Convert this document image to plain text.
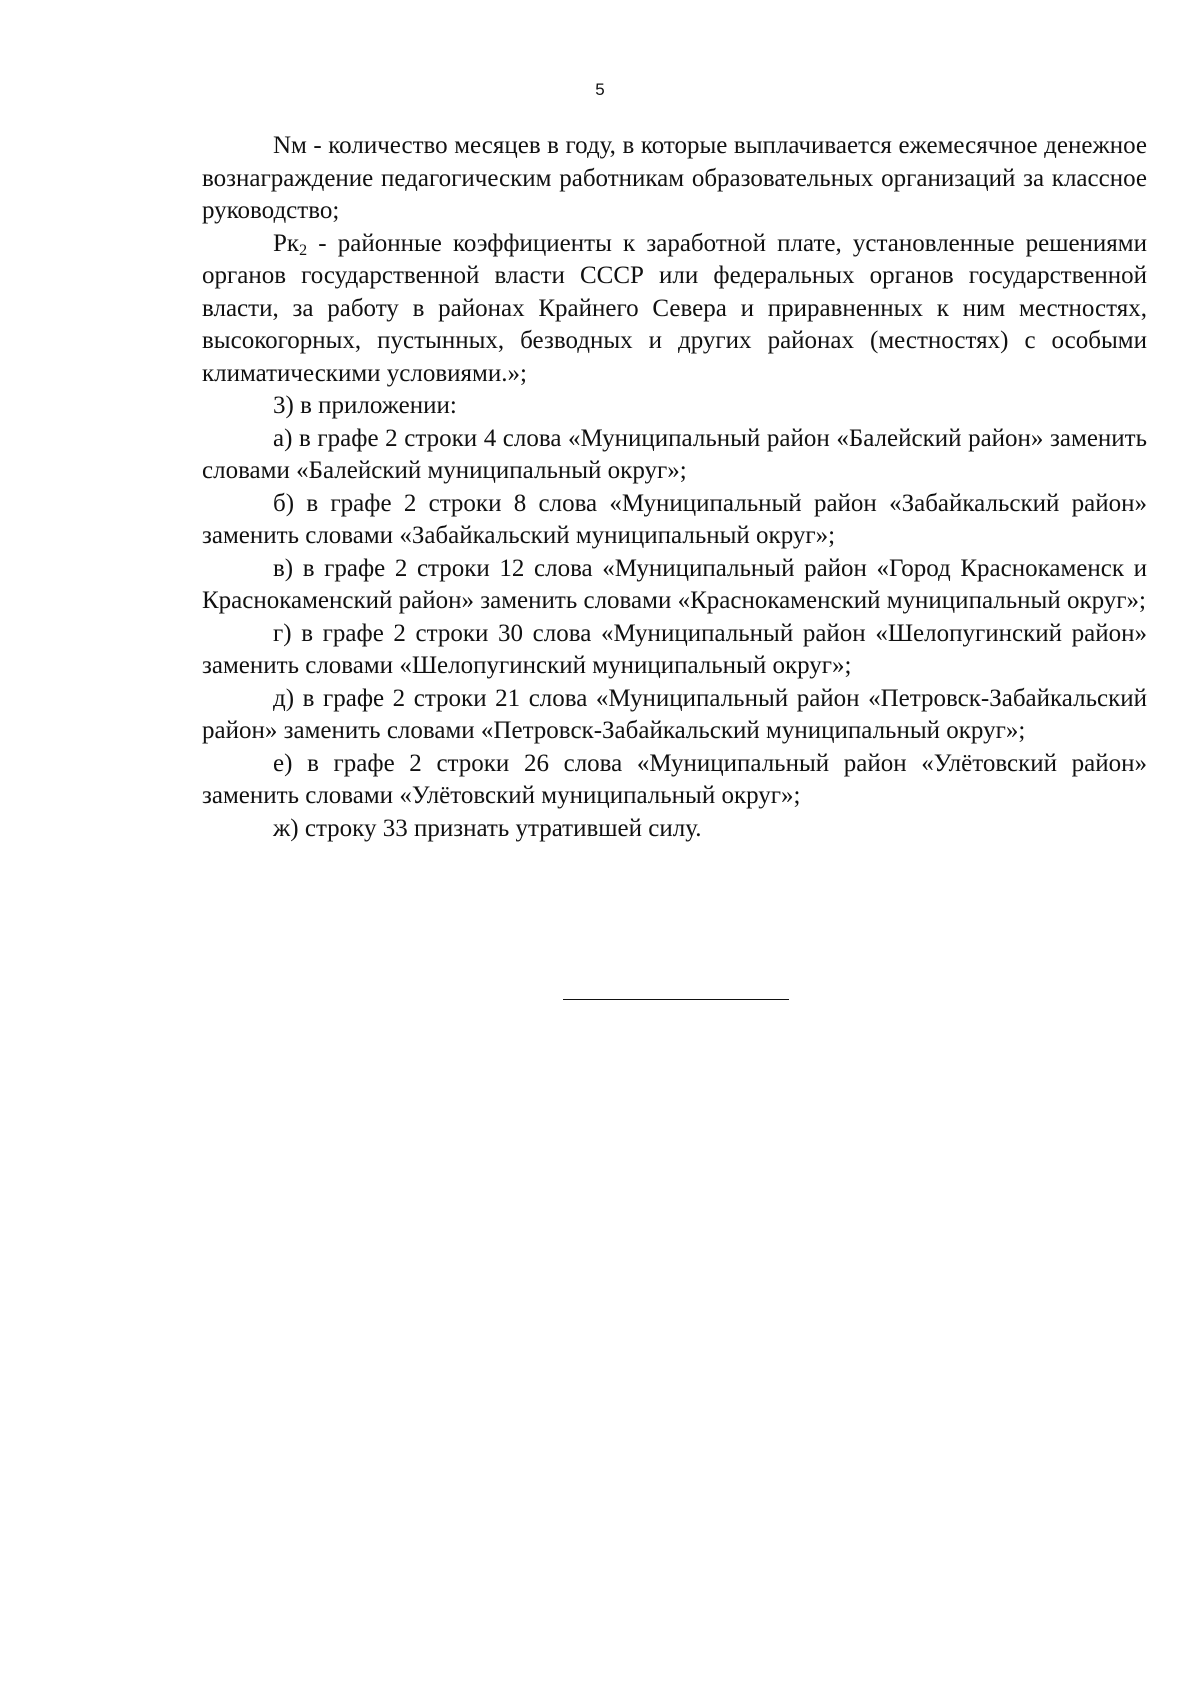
5

Nм - количество месяцев в году, в которые выплачивается ежемесячное денежное вознаграждение педагогическим работникам образовательных организаций за классное руководство;

$Рк_2$ - районные коэффициенты к заработной плате, установленные решениями органов государственной власти СССР или федеральных органов государственной власти, за работу в районах Крайнего Севера и приравненных к ним местностях, высокогорных, пустынных, безводных и других районах (местностях) с особыми климатическими условиями.»;

3) в приложении:

а) в графе 2 строки 4 слова «Муниципальный район «Балейский район» заменить словами «Балейский муниципальный округ»;

б) в графе 2 строки 8 слова «Муниципальный район «Забайкальский район» заменить словами «Забайкальский муниципальный округ»;

в) в графе 2 строки 12 слова «Муниципальный район «Город Краснокаменск и Краснокаменский район» заменить словами «Краснокаменский муниципальный округ»;

г) в графе 2 строки 30 слова «Муниципальный район «Шелопугинский район» заменить словами «Шелопугинский муниципальный округ»;

д) в графе 2 строки 21 слова «Муниципальный район «Петровск-Забайкальский район» заменить словами «Петровск-Забайкальский муниципальный округ»;

е) в графе 2 строки 26 слова «Муниципальный район «Улётовский район» заменить словами «Улётовский муниципальный округ»;

ж) строку 33 признать утратившей силу.
